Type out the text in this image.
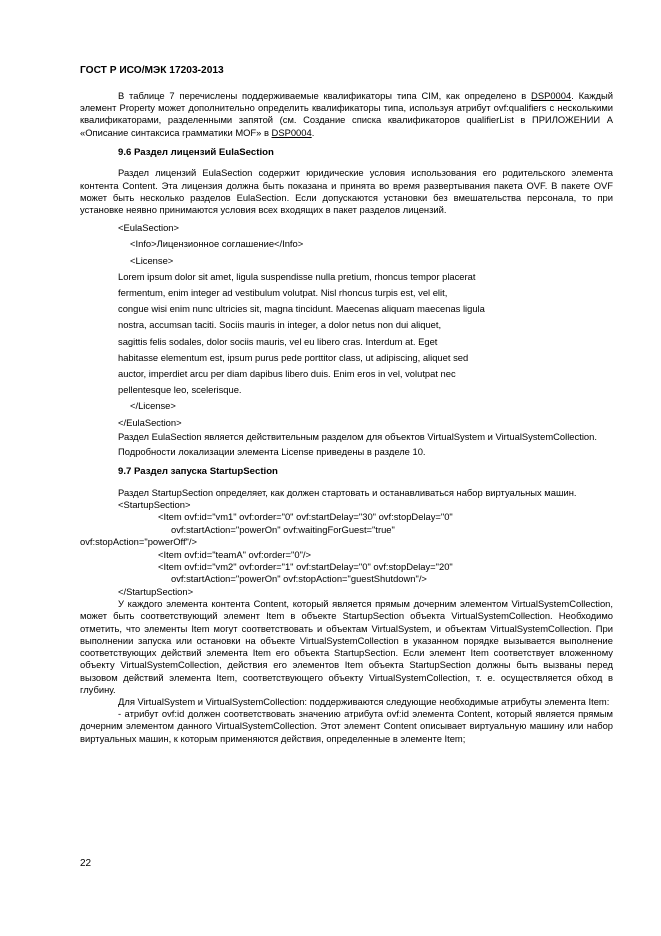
ГОСТ Р ИСО/МЭК 17203-2013

В таблице 7 перечислены поддерживаемые квалификаторы типа CIM, как определено в DSP0004. Каждый элемент Property может дополнительно определить квалификаторы типа, используя атрибут ovf:qualifiers с несколькими квалификаторами, разделенными запятой (см. Создание списка квалификаторов qualifierList в ПРИЛОЖЕНИИ А «Описание синтаксиса грамматики MOF» в DSP0004.

9.6 Раздел лицензий EulaSection

Раздел лицензий EulaSection содержит юридические условия использования его родительского элемента контента Content. Эта лицензия должна быть показана и принята во время развертывания пакета OVF. В пакете OVF может быть несколько разделов EulaSection. Если допускаются установки без вмешательства персонала, то при установке неявно принимаются условия всех входящих в пакет разделов лицензий.

<EulaSection>
<Info>Лицензионное соглашение</Info>
<License>
Lorem ipsum dolor sit amet, ligula suspendisse nulla pretium, rhoncus tempor placerat
fermentum, enim integer ad vestibulum volutpat. Nisl rhoncus turpis est, vel elit,
congue wisi enim nunc ultricies sit, magna tincidunt. Maecenas aliquam maecenas ligula
nostra, accumsan taciti. Sociis mauris in integer, a dolor netus non dui aliquet,
sagittis felis sodales, dolor sociis mauris, vel eu libero cras. Interdum at. Eget
habitasse elementum est, ipsum purus pede porttitor class, ut adipiscing, aliquet sed
auctor, imperdiet arcu per diam dapibus libero duis. Enim eros in vel, volutpat nec
pellentesque leo, scelerisque.
</License>
</EulaSection>

Раздел EulaSection является действительным разделом для объектов VirtualSystem и VirtualSystemCollection.

Подробности локализации элемента License приведены в разделе 10.

9.7 Раздел запуска StartupSection

Раздел StartupSection определяет, как должен стартовать и останавливаться набор виртуальных машин.

<StartupSection>
<Item ovf:id="vm1" ovf:order="0" ovf:startDelay="30" ovf:stopDelay="0"
ovf:startAction="powerOn" ovf:waitingForGuest="true"
ovf:stopAction="powerOff"/>
<Item ovf:id="teamA" ovf:order="0"/>
<Item ovf:id="vm2" ovf:order="1" ovf:startDelay="0" ovf:stopDelay="20"
ovf:startAction="powerOn" ovf:stopAction="guestShutdown"/>
</StartupSection>

У каждого элемента контента Content, который является прямым дочерним элементом VirtualSystemCollection, может быть соответствующий элемент Item в объекте StartupSection объекта VirtualSystemCollection. Необходимо отметить, что элементы Item могут соответствовать и объектам VirtualSystem, и объектам VirtualSystemCollection. При выполнении запуска или остановки на объекте VirtualSystemCollection в указанном порядке вызывается выполнение соответствующих действий элемента Item его объекта StartupSection. Если элемент Item соответствует вложенному объекту VirtualSystemCollection, действия его элементов Item объекта StartupSection должны быть вызваны перед вызовом действий элемента Item, соответствующего объекту VirtualSystemCollection, т. е. осуществляется обход в глубину.

Для VirtualSystem и VirtualSystemCollection: поддерживаются следующие необходимые атрибуты элемента Item:

- атрибут ovf:id должен соответствовать значению атрибута ovf:id элемента Content, который является прямым дочерним элементом данного VirtualSystemCollection. Этот элемент Content описывает виртуальную машину или набор виртуальных машин, к которым применяются действия, определенные в элементе Item;

22
